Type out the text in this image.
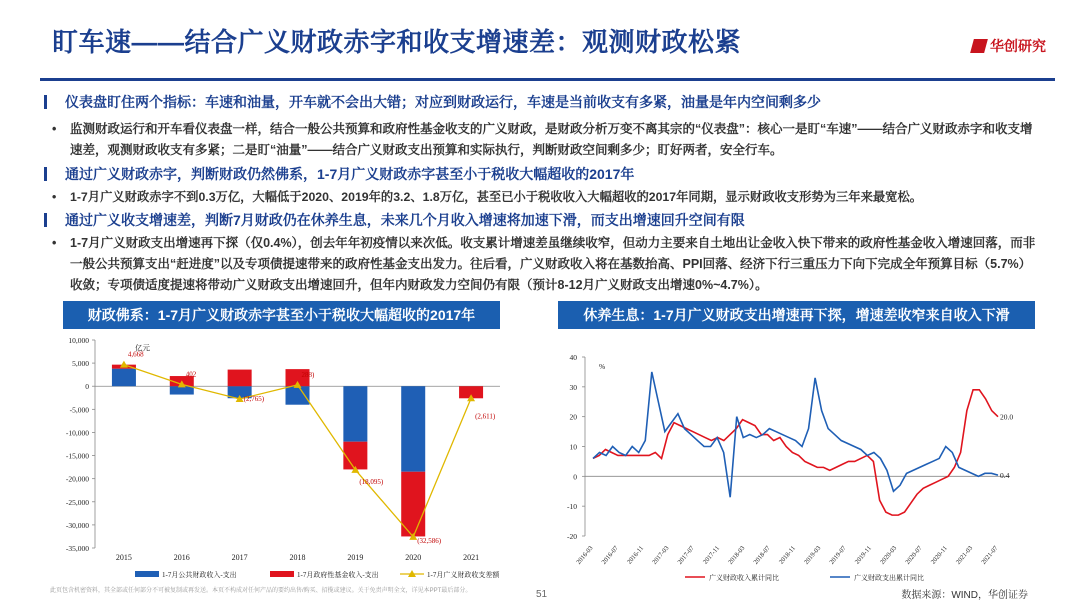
盯车速——结合广义财政赤字和收支增速差：观测财政松紧	华创研究
仪表盘盯住两个指标：车速和油量，开车就不会出大错；对应到财政运行，车速是当前收支有多紧，油量是年内空间剩多少
•	监测财政运行和开车看仪表盘一样，结合一般公共预算和政府性基金收支的广义财政，是财政分析万变不离其宗的“仪表盘”：核心一是盯“车速”——结合广义财政赤字和收支增速差，观测财政收支有多紧；二是盯“油量”——结合广义财政支出预算和实际执行，判断财政空间剩多少；盯好两者，安全行车。
通过广义财政赤字，判断财政仍然佛系，1-7月广义财政赤字甚至小于税收大幅超收的2017年
•	1-7月广义财政赤字不到0.3万亿，大幅低于2020、2019年的3.2、1.8万亿，甚至已小于税收收入大幅超收的2017年同期，显示财政收支形势为三年来最宽松。
通过广义收支增速差，判断7月财政仍在休养生息，未来几个月收入增速将加速下滑，而支出增速回升空间有限
•	1-7月广义财政支出增速再下探（仅0.4%），创去年年初疫情以来次低。收支累计增速差虽继续收窄，但动力主要来自土地出让金收入快下带来的政府性基金收入增速回落，而非一般公共预算支出“赶进度”以及专项债提速带来的政府性基金支出发力。往后看，广义财政收入将在基数抬高、PPI回落、经济下行三重压力下向下完成全年预算目标（5.7%）收敛；专项债适度提速将带动广义财政支出增速回升，但年内财政发力空间仍有限（预计8-12月广义财政支出增速0%~4.7%）。
财政佛系：1-7月广义财政赤字甚至小于税收大幅超收的2017年	休养生息：1-7月广义财政支出增速再下探，增速差收窄来自收入下滑
10,000
5,000
0
-5,000
-10,000
-15,000
-20,000
-25,000
-30,000
-35,000
亿元
2015	2016	2017	2018	2019	2020	2021
4,668
402
(2,765)
288)
(18,095)
(32,586)
(2,611)
1-7月公共财政收入-支出	1-7月政府性基金收入-支出	1-7月广义财政收支差额
40
30
20
10
0
-10
-20
%
2016-03 2016-07 2016-11 2017-03 2017-07 2017-11 2018-03 2018-07 2018-11 2019-03 2019-07 2019-11 2020-03 2020-07 2020-11 2021-03 2021-07
20.0
0.4
广义财政收入累计同比	广义财政支出累计同比
此页包含机密资料，其全部或任何部分不可被复制或再发送。本页不构成对任何产品的要约出售/购买、招揽或建议。关于免责声明全文，详见本PPT最后部分。	51	数据来源：WIND，华创证券
